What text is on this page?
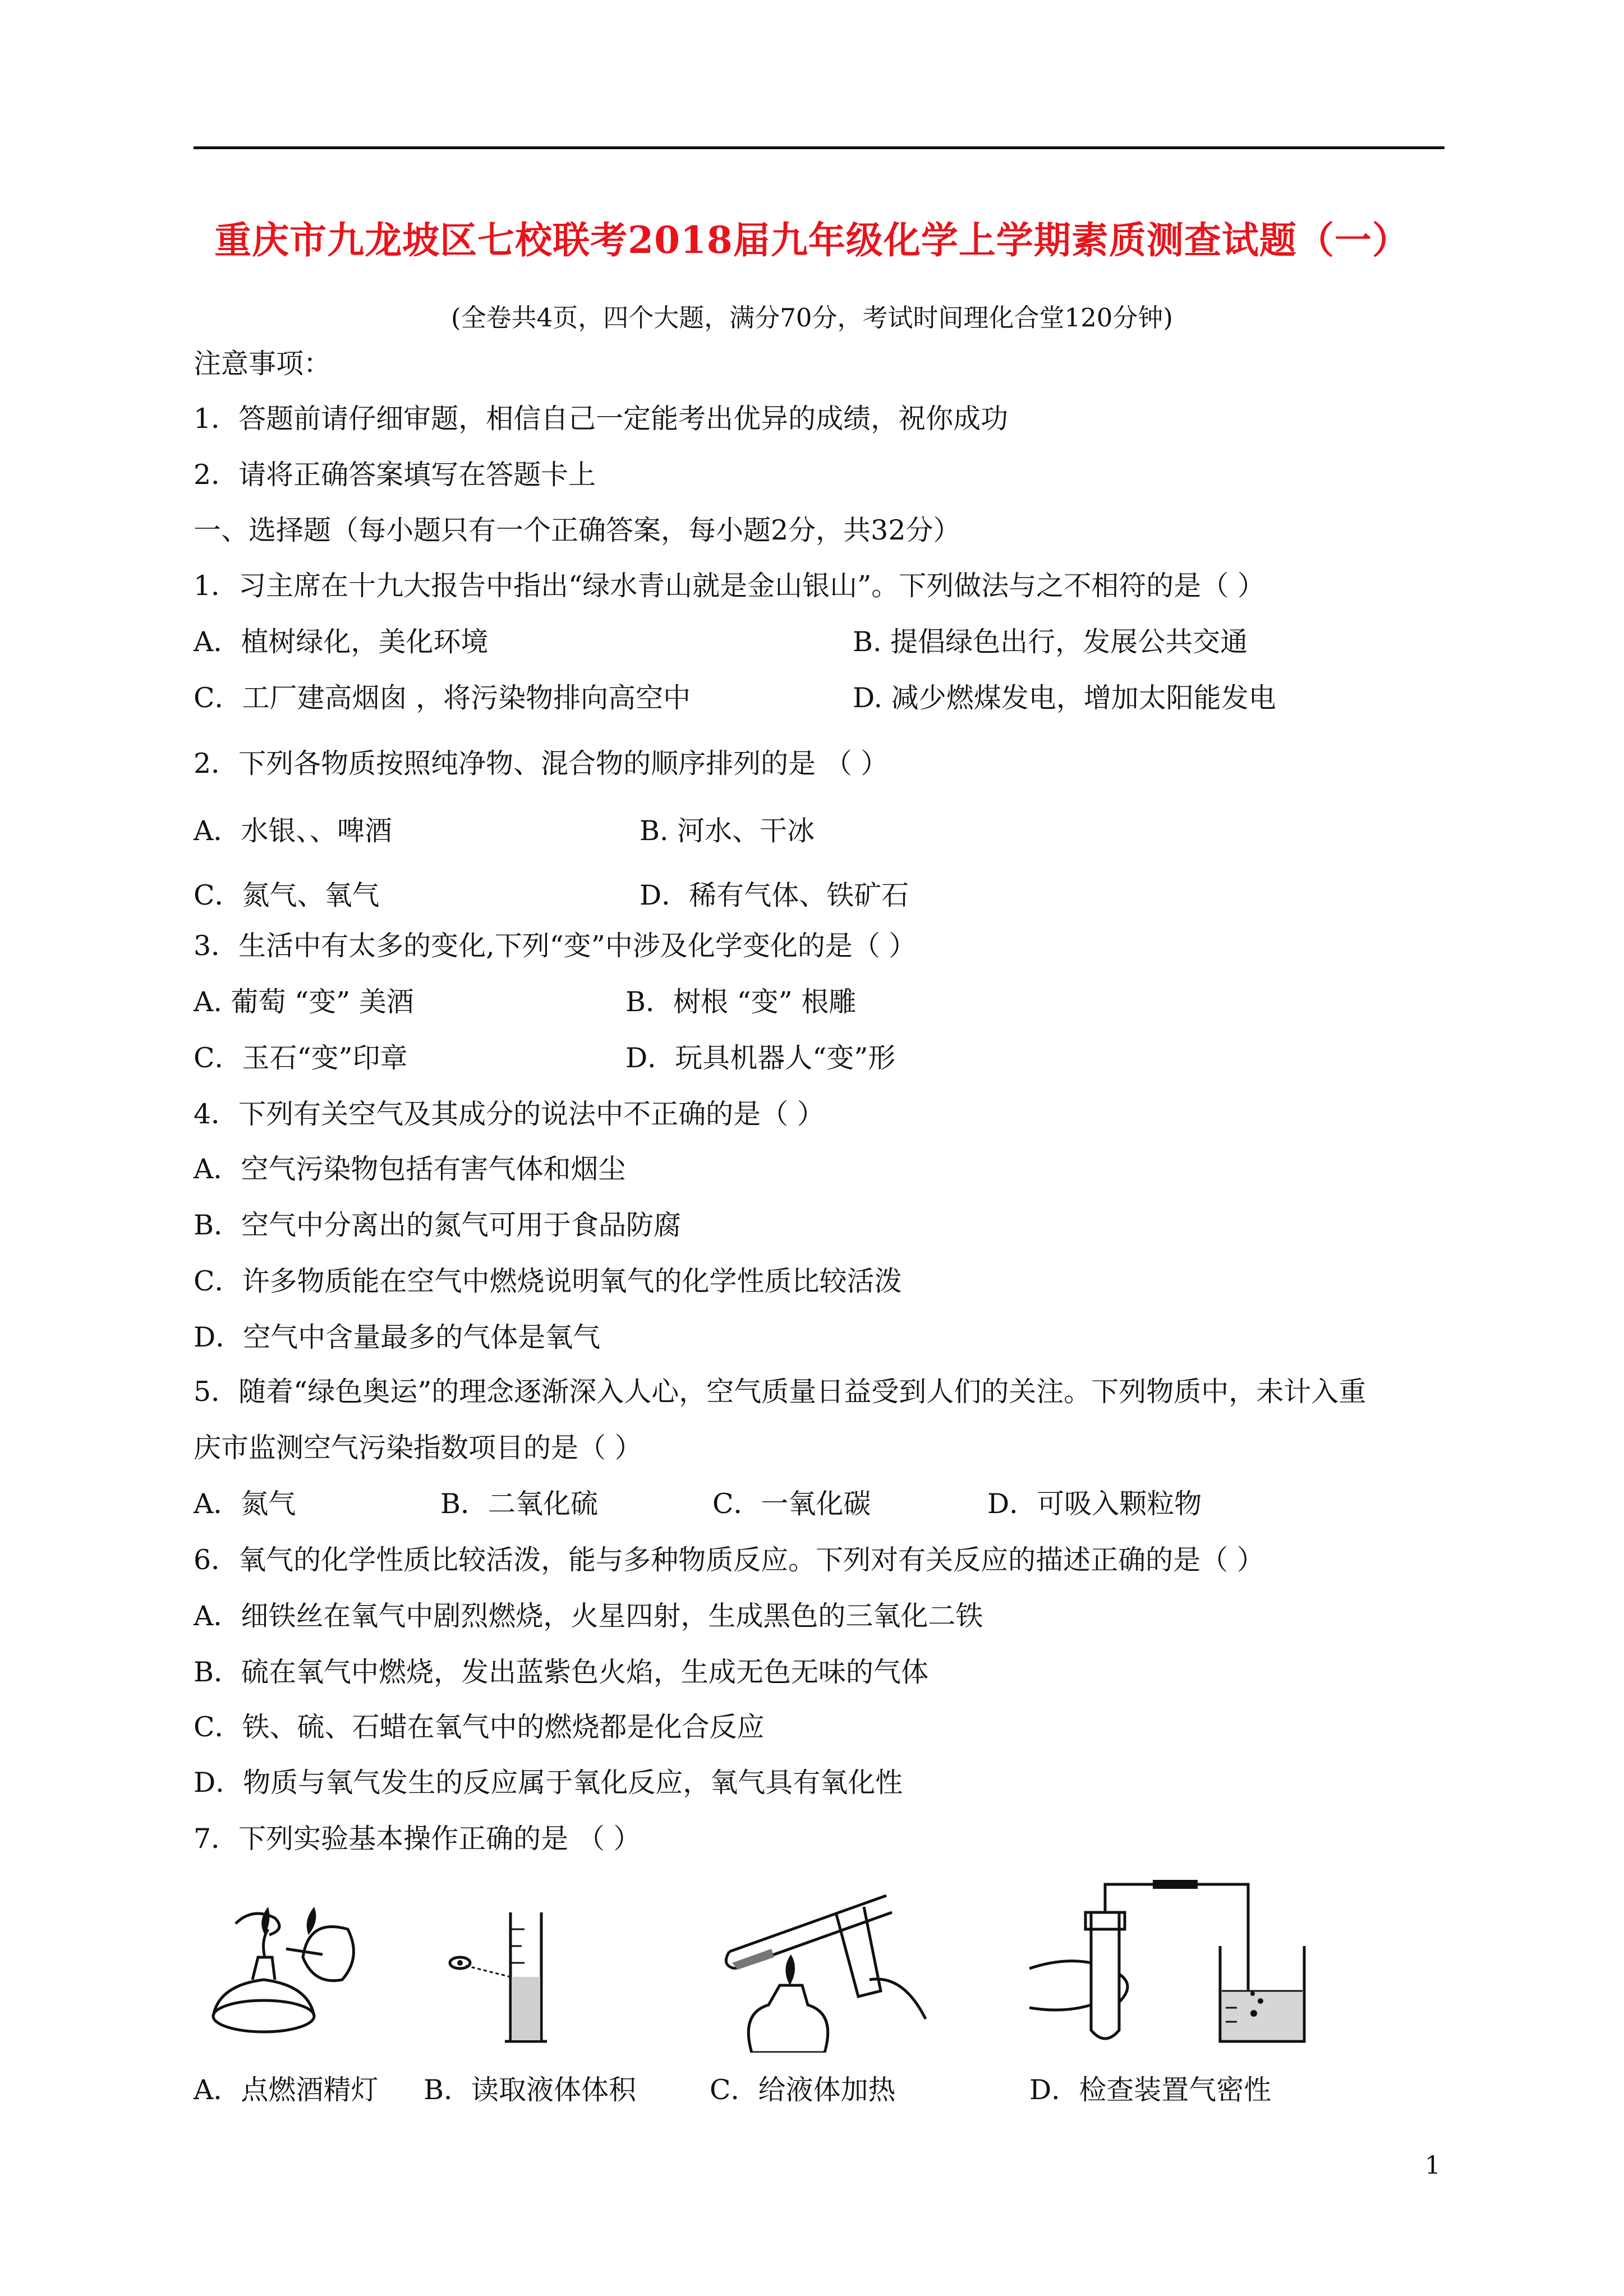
重庆市九龙坡区七校联考2018届九年级化学上学期素质测查试题（一）
(全卷共4页，四个大题，满分70分，考试时间理化合堂120分钟)
注意事项：
1．答题前请仔细审题，相信自己一定能考出优异的成绩，祝你成功
2．请将正确答案填写在答题卡上
一、选择题（每小题只有一个正确答案，每小题2分，共32分）
1．习主席在十九大报告中指出“绿水青山就是金山银山”。下列做法与之不相符的是（ ）
A．植树绿化，美化环境	B. 提倡绿色出行，发展公共交通
C．工厂建高烟囱 ，将污染物排向高空中	D. 减少燃煤发电，增加太阳能发电
2．下列各物质按照纯净物、混合物的顺序排列的是 （ ）
A．水银、、啤酒	B. 河水、干冰
C．氮气、氧气	D．稀有气体、铁矿石
3．生活中有太多的变化,下列“变”中涉及化学变化的是（ ）
A. 葡萄 “变” 美酒	B．树根 “变” 根雕
C．玉石“变”印章	D．玩具机器人“变”形
4．下列有关空气及其成分的说法中不正确的是（ ）
A．空气污染物包括有害气体和烟尘
B．空气中分离出的氮气可用于食品防腐
C．许多物质能在空气中燃烧说明氧气的化学性质比较活泼
D．空气中含量最多的气体是氧气
5．随着“绿色奥运”的理念逐渐深入人心，空气质量日益受到人们的关注。下列物质中，未计入重
庆市监测空气污染指数项目的是（ ）
A．氮气	B．二氧化硫	C．一氧化碳	D．可吸入颗粒物
6．氧气的化学性质比较活泼，能与多种物质反应。下列对有关反应的描述正确的是（ ）
A．细铁丝在氧气中剧烈燃烧，火星四射，生成黑色的三氧化二铁
B．硫在氧气中燃烧，发出蓝紫色火焰，生成无色无味的气体
C．铁、硫、石蜡在氧气中的燃烧都是化合反应
D．物质与氧气发生的反应属于氧化反应，氧气具有氧化性
7．下列实验基本操作正确的是 （ ）
A．点燃酒精灯 B．读取液体体积	C．给液体加热	D．检查装置气密性
1
